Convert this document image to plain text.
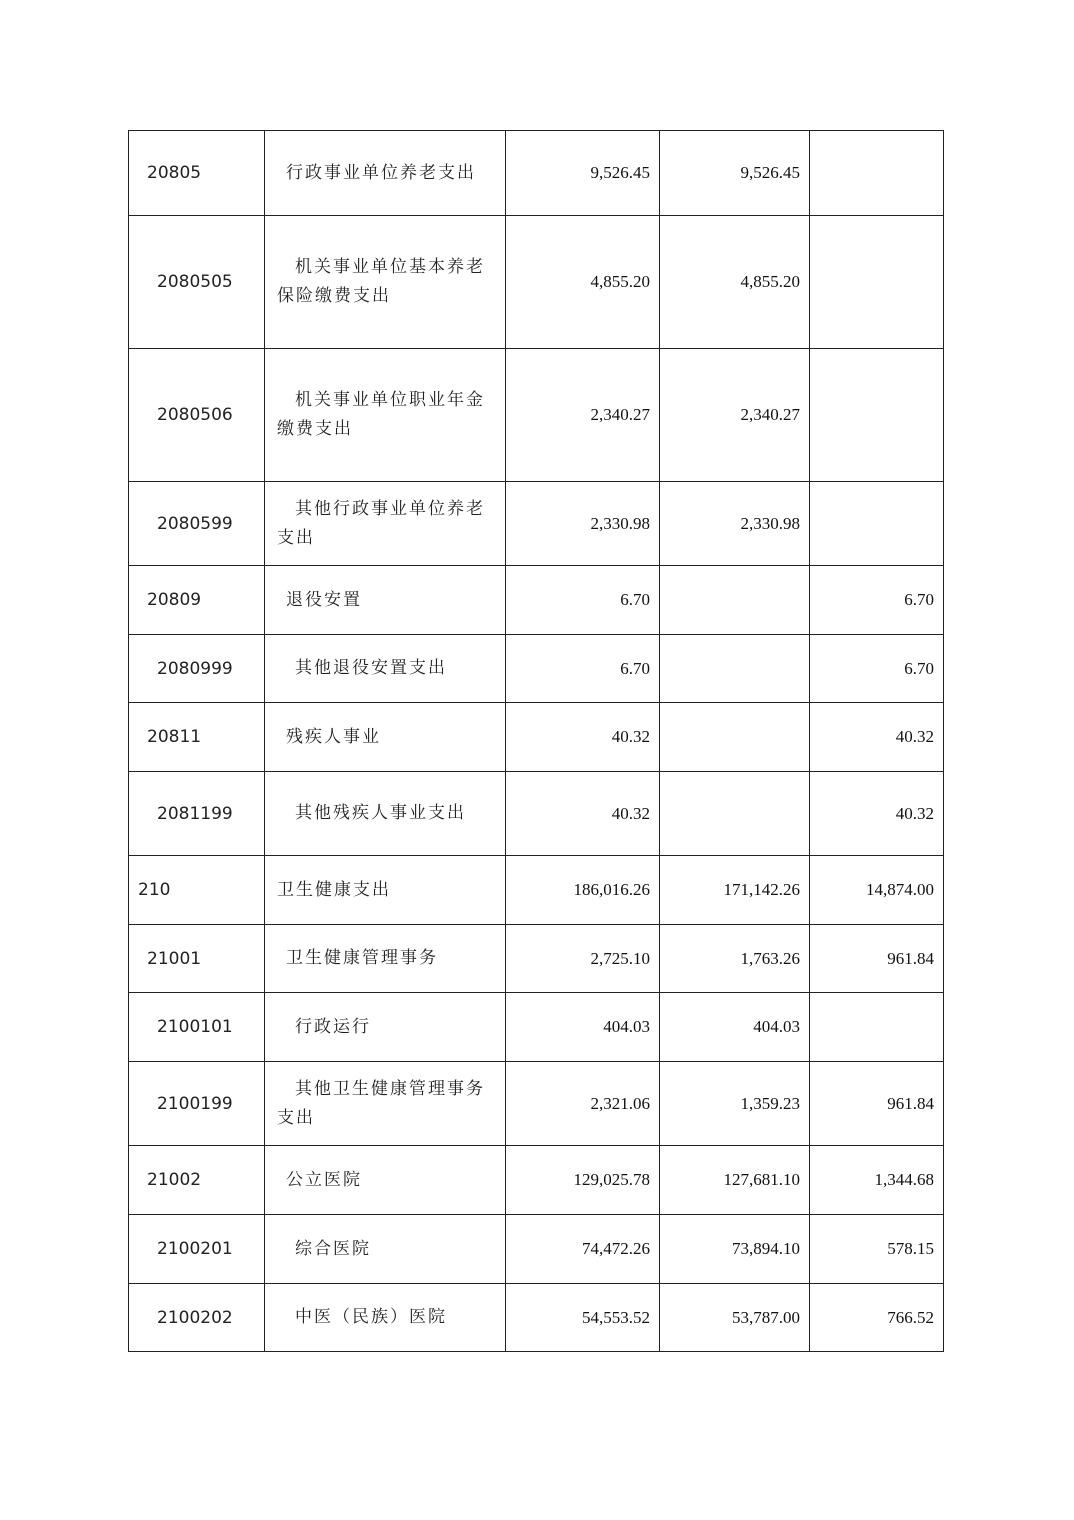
20805	行政事业单位养老支出	9,526.45	9,526.45	
2080505	机关事业单位基本养老保险缴费支出	4,855.20	4,855.20	
2080506	机关事业单位职业年金缴费支出	2,340.27	2,340.27	
2080599	其他行政事业单位养老支出	2,330.98	2,330.98	
20809	退役安置	6.70		6.70
2080999	其他退役安置支出	6.70		6.70
20811	残疾人事业	40.32		40.32
2081199	其他残疾人事业支出	40.32		40.32
210	卫生健康支出	186,016.26	171,142.26	14,874.00
21001	卫生健康管理事务	2,725.10	1,763.26	961.84
2100101	行政运行	404.03	404.03	
2100199	其他卫生健康管理事务支出	2,321.06	1,359.23	961.84
21002	公立医院	129,025.78	127,681.10	1,344.68
2100201	综合医院	74,472.26	73,894.10	578.15
2100202	中医（民族）医院	54,553.52	53,787.00	766.52
